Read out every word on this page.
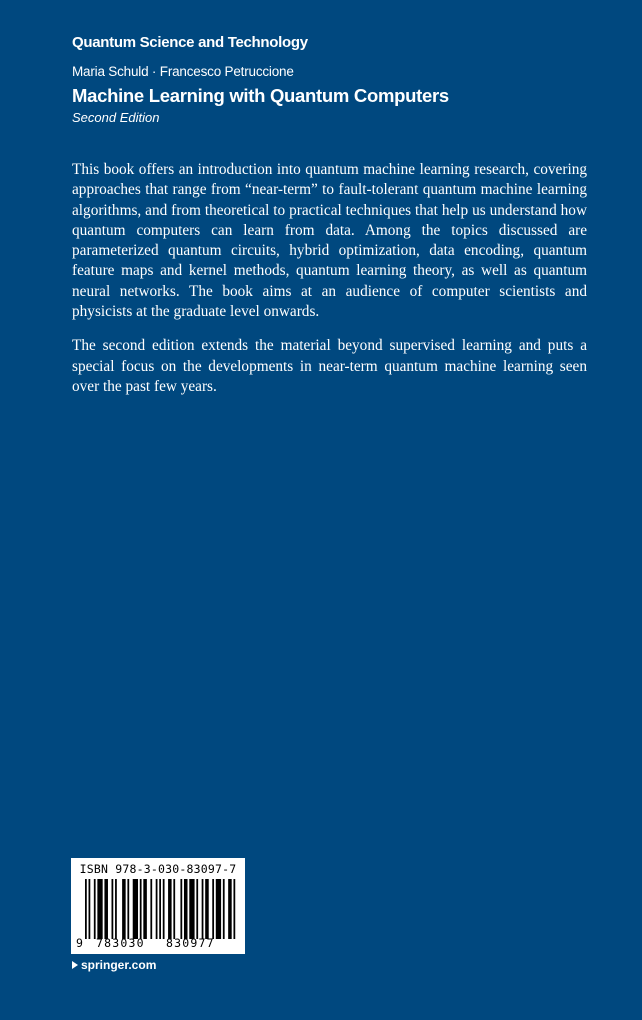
Quantum Science and Technology
Maria Schuld · Francesco Petruccione
Machine Learning with Quantum Computers
Second Edition

This book offers an introduction into quantum machine learning research, covering approaches that range from “near-term” to fault-tolerant quantum machine learning algorithms, and from theoretical to practical techniques that help us understand how quantum computers can learn from data. Among the topics discussed are parameterized quantum circuits, hybrid optimization, data encoding, quantum feature maps and kernel methods, quantum learning theory, as well as quantum neural networks. The book aims at an audience of computer scientists and physicists at the graduate level onwards.

The second edition extends the material beyond supervised learning and puts a special focus on the developments in near-term quantum machine learning seen over the past few years.

ISBN 978-3-030-83097-7
9 783030 830977
springer.com
